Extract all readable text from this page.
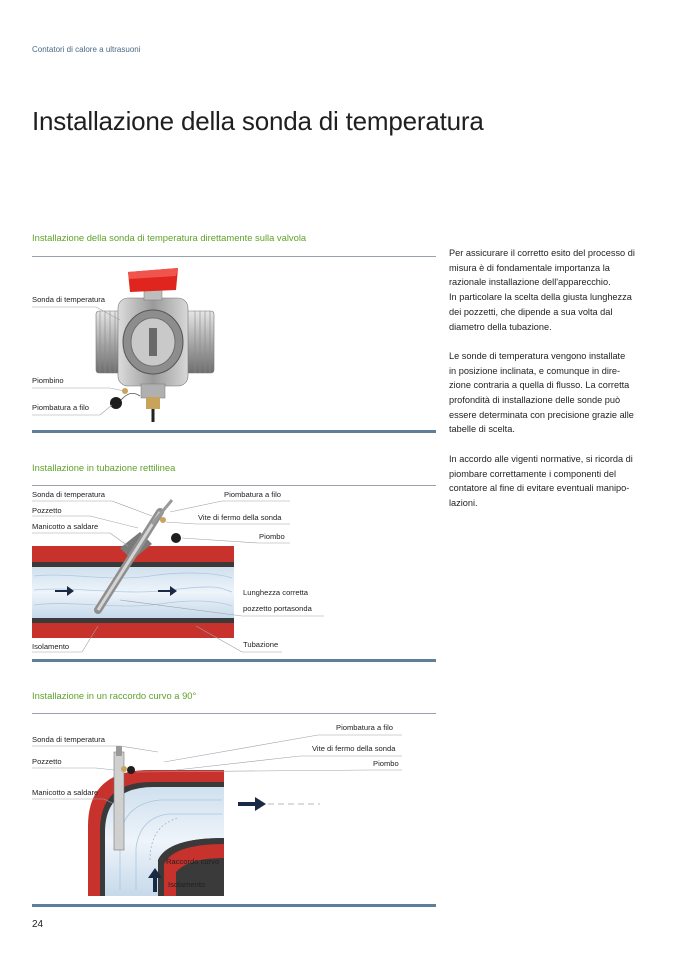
Contatori di calore a ultrasuoni
Installazione della sonda di temperatura
Installazione della sonda di temperatura direttamente sulla valvola
Sonda di temperatura
Piombino
Piombatura a filo
Installazione in tubazione rettilinea
Sonda di temperatura
Pozzetto
Manicotto a saldare
Isolamento
Piombatura a filo
Vite di fermo della sonda
Piombo
Lunghezza corretta
pozzetto portasonda
Tubazione
Installazione in un raccordo curvo a 90°
Sonda di temperatura
Pozzetto
Manicotto a saldare
Piombatura a filo
Vite di fermo della sonda
Piombo
Raccordo curvo
Isolamento

Per assicurare il corretto esito del processo di
misura è di fondamentale importanza la
razionale installazione dell'apparecchio.
In particolare la scelta della giusta lunghezza
dei pozzetti, che dipende a sua volta dal
diametro della tubazione.

Le sonde di temperatura vengono installate
in posizione inclinata, e comunque in dire-
zione contraria a quella di flusso. La corretta
profondità di installazione delle sonde può
essere determinata con precisione grazie alle
tabelle di scelta.

In accordo alle vigenti normative, si ricorda di
piombare correttamente i componenti del
contatore al fine di evitare eventuali manipo-
lazioni.

24
